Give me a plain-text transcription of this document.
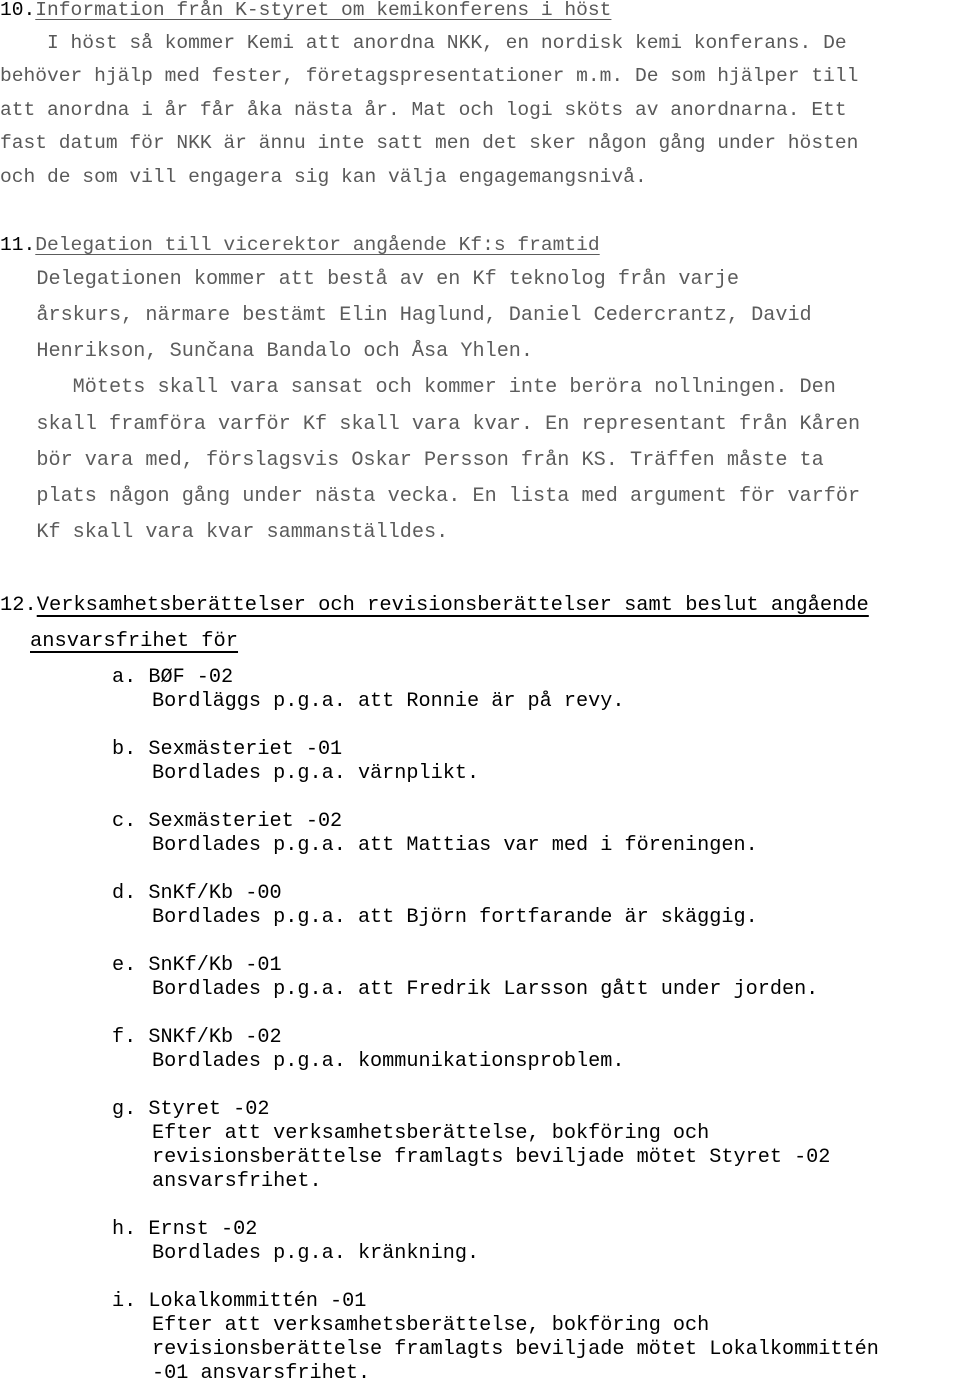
10.Information från K-styret om kemikonferens i höst
I höst så kommer Kemi att anordna NKK, en nordisk kemi konferans. De
behöver hjälp med fester, företagspresentationer m.m. De som hjälper till
att anordna i år får åka nästa år. Mat och logi sköts av anordnarna. Ett
fast datum för NKK är ännu inte satt men det sker någon gång under hösten
och de som vill engagera sig kan välja engagemangsnivå.
11.Delegation till vicerektor angående Kf:s framtid
Delegationen kommer att bestå av en Kf teknolog från varje
årskurs, närmare bestämt Elin Haglund, Daniel Cedercrantz, David
Henrikson, Sunčana Bandalo och Åsa Yhlen.
Mötets skall vara sansat och kommer inte beröra nollningen. Den
skall framföra varför Kf skall vara kvar. En representant från Kåren
bör vara med, förslagsvis Oskar Persson från KS. Träffen måste ta
plats någon gång under nästa vecka. En lista med argument för varför
Kf skall vara kvar sammanställdes.
12.Verksamhetsberättelser och revisionsberättelser samt beslut angående
ansvarsfrihet för
a. BØF -02
Bordläggs p.g.a. att Ronnie är på revy.
b. Sexmästeriet -01
Bordlades p.g.a. värnplikt.
c. Sexmästeriet -02
Bordlades p.g.a. att Mattias var med i föreningen.
d. SnKf/Kb -00
Bordlades p.g.a. att Björn fortfarande är skäggig.
e. SnKf/Kb -01
Bordlades p.g.a. att Fredrik Larsson gått under jorden.
f. SNKf/Kb -02
Bordlades p.g.a. kommunikationsproblem.
g. Styret -02
Efter att verksamhetsberättelse, bokföring och
revisionsberättelse framlagts beviljade mötet Styret -02
ansvarsfrihet.
h. Ernst -02
Bordlades p.g.a. kränkning.
i. Lokalkommittén -01
Efter att verksamhetsberättelse, bokföring och
revisionsberättelse framlagts beviljade mötet Lokalkommittén
-01 ansvarsfrihet.
